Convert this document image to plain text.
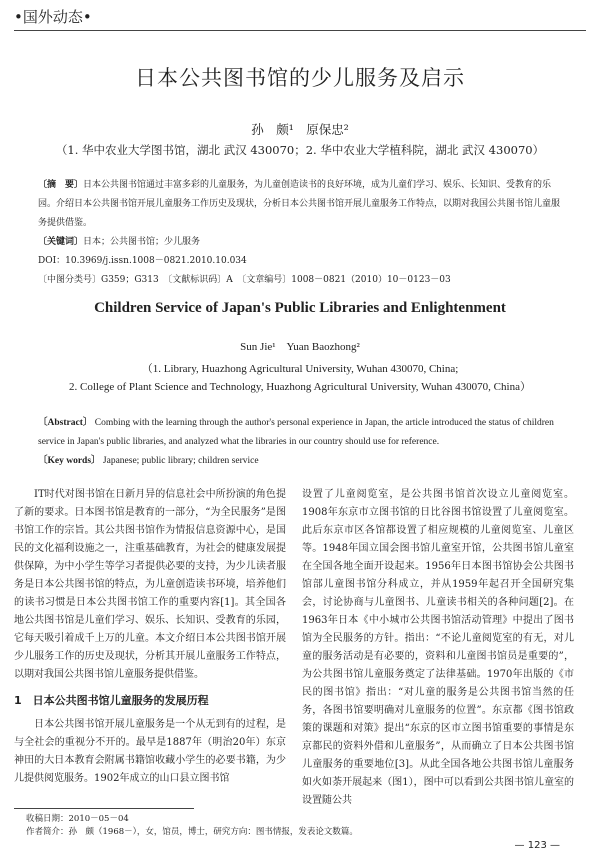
•国外动态•
日本公共图书馆的少儿服务及启示
孙　颇¹　原保忠²
（1. 华中农业大学图书馆，湖北 武汉 430070；2. 华中农业大学植科院，湖北 武汉 430070）

〔摘　要〕日本公共图书馆通过丰富多彩的儿童服务，为儿童创造读书的良好环境，成为儿童们学习、娱乐、长知识、受教育的乐园。介绍日本公共图书馆开展儿童服务工作历史及现状，分析日本公共图书馆开展儿童服务工作特点，以期对我国公共图书馆儿童服务提供借鉴。

〔关键词〕日本；公共图书馆；少儿服务

DOI：10.3969/j.issn.1008－0821.2010.10.034

〔中图分类号〕G359；G313　〔文献标识码〕A　〔文章编号〕1008－0821（2010）10－0123－03

Children Service of Japan's Public Libraries and Enlightenment
Sun Jie¹　Yuan Baozhong²
（1. Library, Huazhong Agricultural University, Wuhan 430070, China;
2. College of Plant Science and Technology, Huazhong Agricultural University, Wuhan 430070, China）

〔Abstract〕 Combing with the learning through the author's personal experience in Japan, the article introduced the status of children service in Japan's public libraries, and analyzed what the libraries in our country should use for reference.

〔Key words〕 Japanese; public library; children service

IT时代对图书馆在日新月异的信息社会中所扮演的角色提了新的要求。日本图书馆是教育的一部分，“为全民服务”是图书馆工作的宗旨。其公共图书馆作为情报信息资源中心，是国民的文化福利设施之一，注重基础教育，为社会的健康发展提供保障，为中小学生等学习者提供必要的支持，为少儿读者服务是日本公共图书馆的特点，为儿童创造读书环境，培养他们的读书习惯是日本公共图书馆工作的重要内容[1]。其全国各地公共图书馆是儿童们学习、娱乐、长知识、受教育的乐园，它每天吸引着成千上万的儿童。本文介绍日本公共图书馆开展少儿服务工作的历史及现状，分析其开展儿童服务工作特点，以期对我国公共图书馆儿童服务提供借鉴。

1　日本公共图书馆儿童服务的发展历程

日本公共图书馆开展儿童服务是一个从无到有的过程，是与全社会的重视分不开的。最早是1887年（明治20年）东京神田的大日本教育会附属书籍馆收藏小学生的必要书籍，为少儿提供阅览服务。1902年成立的山口县立图书馆

设置了儿童阅览室，是公共图书馆首次设立儿童阅览室。1908年东京市立图书馆的日比谷图书馆设置了儿童阅览室。此后东京市区各馆都设置了相应规模的儿童阅览室、儿童区等。1948年国立国会图书馆儿童室开馆，公共图书馆儿童室在全国各地全面开设起来。1956年日本图书馆协会公共图书馆部儿童图书馆分科成立，并从1959年起召开全国研究集会，讨论协商与儿童图书、儿童读书相关的各种问题[2]。在1963年日本《中小城市公共图书馆活动管理》中提出了图书馆为全民服务的方针。指出：“不论儿童阅览室的有无，对儿童的服务活动是有必要的，资料和儿童图书馆员是重要的”，为公共图书馆儿童服务奠定了法律基础。1970年出版的《市民的图书馆》指出：“对儿童的服务是公共图书馆当然的任务，各图书馆要明确对儿童服务的位置”。东京都《图书馆政策的课题和对策》提出“东京的区市立图书馆重要的事情是东京都民的资料外借和儿童服务”，从而确立了日本公共图书馆儿童服务的重要地位[3]。从此全国各地公共图书馆儿童服务如火如荼开展起来（图1），图中可以看到公共图书馆儿童室的设置随公共

收稿日期：2010－05－04
作者简介：孙　颇（1968－），女，馆员，博士，研究方向：图书情报，发表论文数篇。
— 123 —
